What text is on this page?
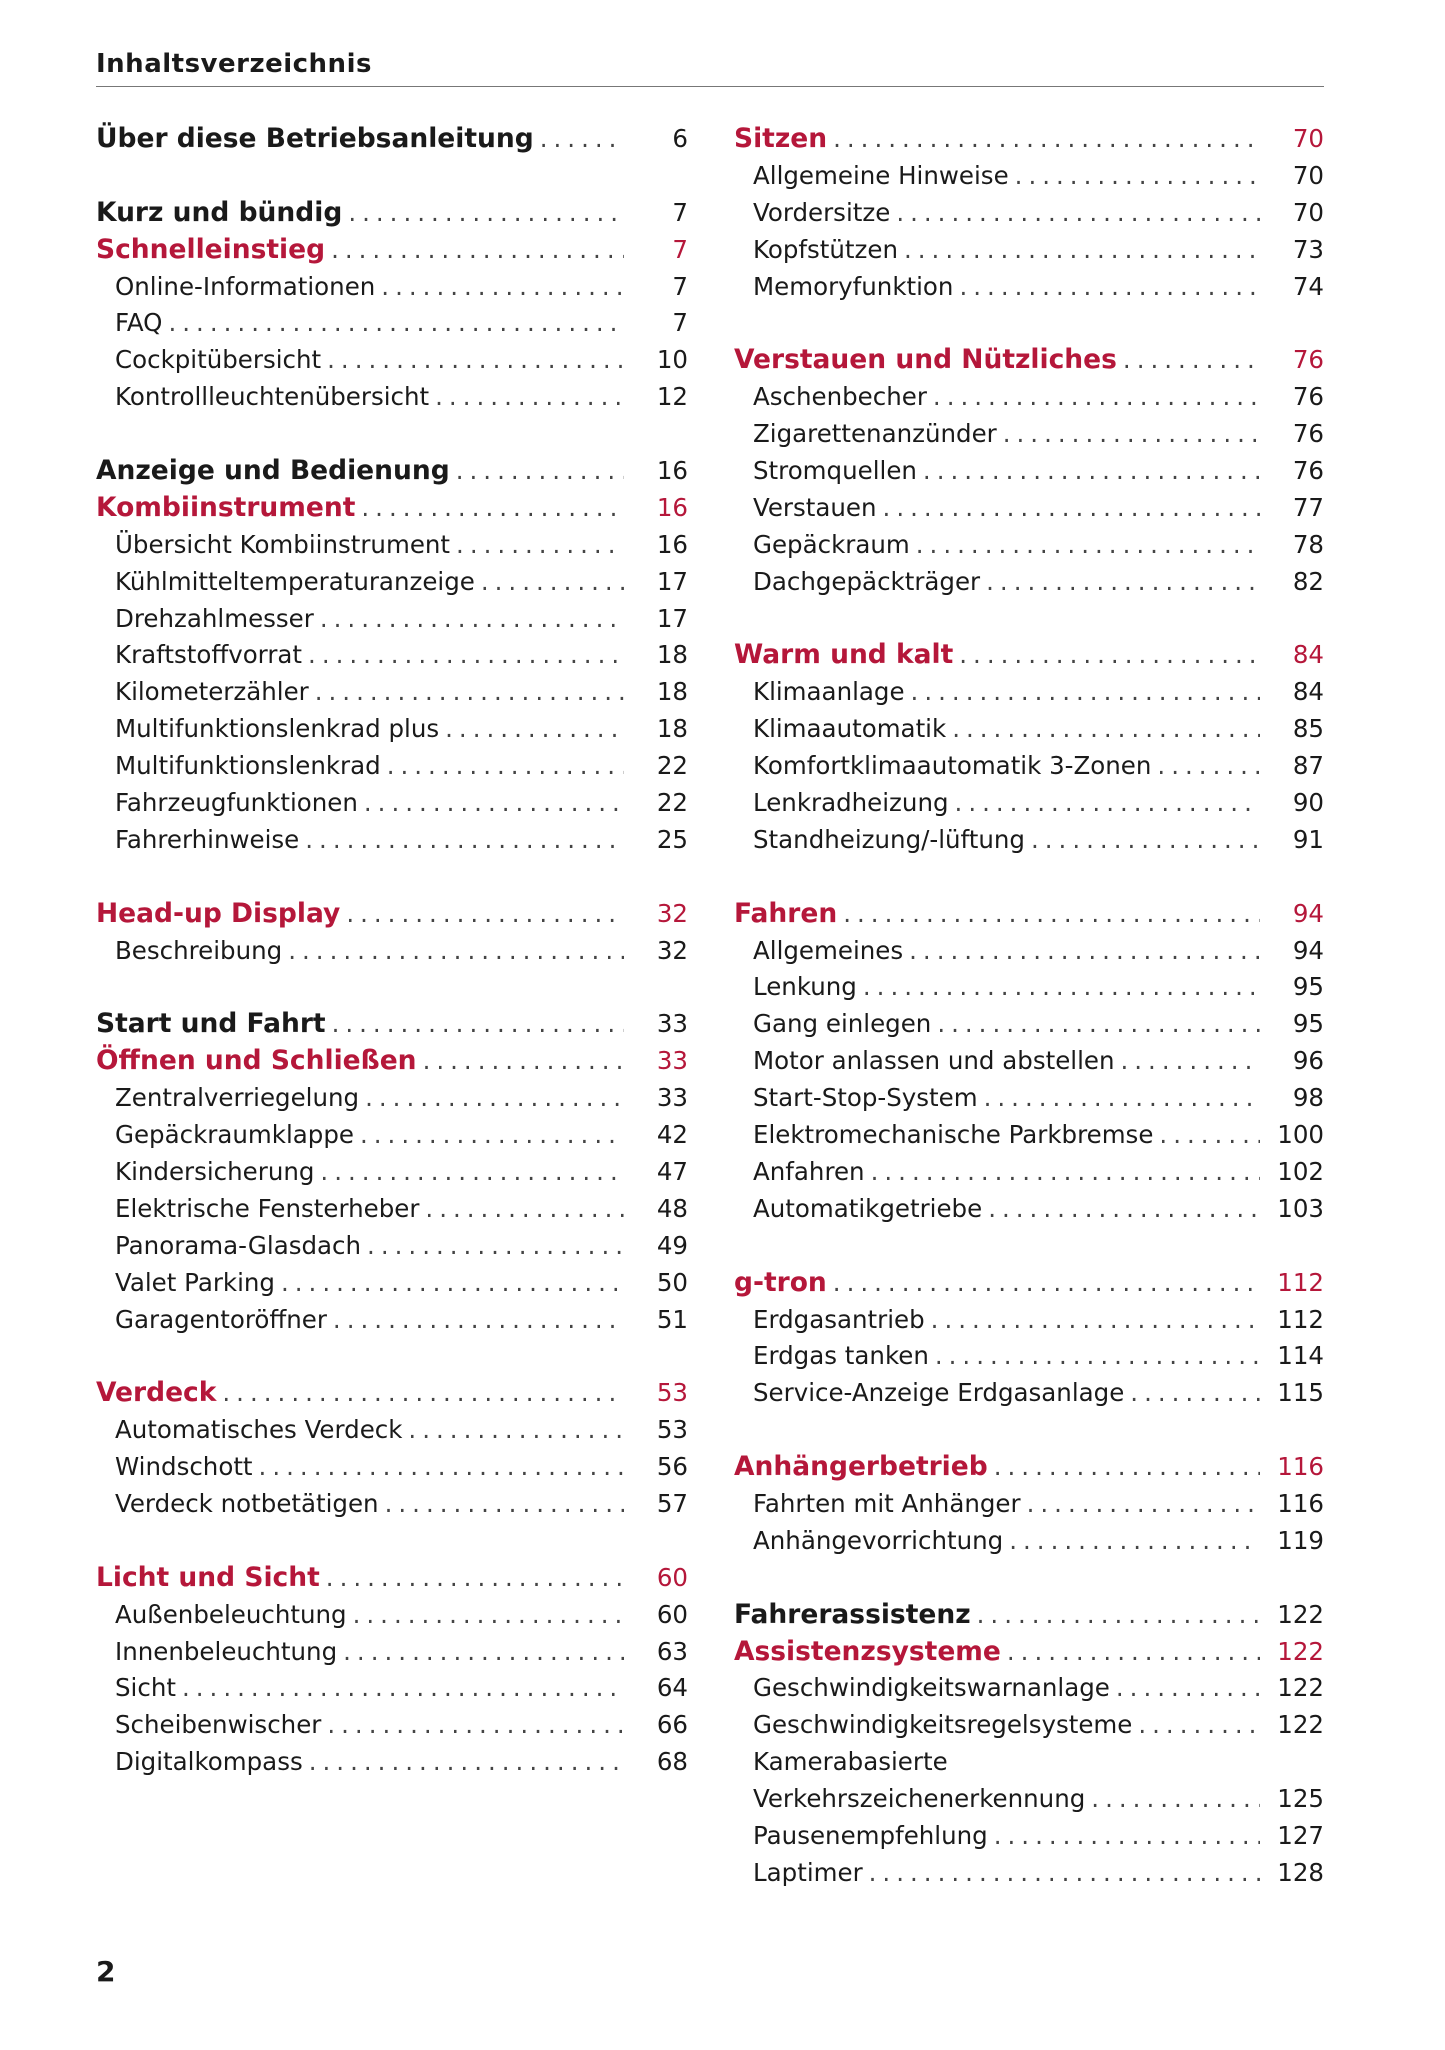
Inhaltsverzeichnis
Über diese Betriebsanleitung .....	6
Kurz und bündig .....	7
Schnelleinstieg .....	7
Online-Informationen .....	7
FAQ .....	7
Cockpitübersicht .....	10
Kontrollleuchtenübersicht .....	12
Anzeige und Bedienung .....	16
Kombiinstrument .....	16
Übersicht Kombiinstrument .....	16
Kühlmitteltemperaturanzeige .....	17
Drehzahlmesser .....	17
Kraftstoffvorrat .....	18
Kilometerzähler .....	18
Multifunktionslenkrad plus .....	18
Multifunktionslenkrad .....	22
Fahrzeugfunktionen .....	22
Fahrerhinweise .....	25
Head-up Display .....	32
Beschreibung .....	32
Start und Fahrt .....	33
Öffnen und Schließen .....	33
Zentralverriegelung .....	33
Gepäckraumklappe .....	42
Kindersicherung .....	47
Elektrische Fensterheber .....	48
Panorama-Glasdach .....	49
Valet Parking .....	50
Garagentoröffner .....	51
Verdeck .....	53
Automatisches Verdeck .....	53
Windschott .....	56
Verdeck notbetätigen .....	57
Licht und Sicht .....	60
Außenbeleuchtung .....	60
Innenbeleuchtung .....	63
Sicht .....	64
Scheibenwischer .....	66
Digitalkompass .....	68
Sitzen .....	70
Allgemeine Hinweise .....	70
Vordersitze .....	70
Kopfstützen .....	73
Memoryfunktion .....	74
Verstauen und Nützliches .....	76
Aschenbecher .....	76
Zigarettenanzünder .....	76
Stromquellen .....	76
Verstauen .....	77
Gepäckraum .....	78
Dachgepäckträger .....	82
Warm und kalt .....	84
Klimaanlage .....	84
Klimaautomatik .....	85
Komfortklimaautomatik 3-Zonen .....	87
Lenkradheizung .....	90
Standheizung/-lüftung .....	91
Fahren .....	94
Allgemeines .....	94
Lenkung .....	95
Gang einlegen .....	95
Motor anlassen und abstellen .....	96
Start-Stop-System .....	98
Elektromechanische Parkbremse .....	100
Anfahren .....	102
Automatikgetriebe .....	103
g-tron .....	112
Erdgasantrieb .....	112
Erdgas tanken .....	114
Service-Anzeige Erdgasanlage .....	115
Anhängerbetrieb .....	116
Fahrten mit Anhänger .....	116
Anhängevorrichtung .....	119
Fahrerassistenz .....	122
Assistenzsysteme .....	122
Geschwindigkeitswarnanlage .....	122
Geschwindigkeitsregelsysteme .....	122
Kamerabasierte
Verkehrszeichenerkennung .....	125
Pausenempfehlung .....	127
Laptimer .....	128
2
